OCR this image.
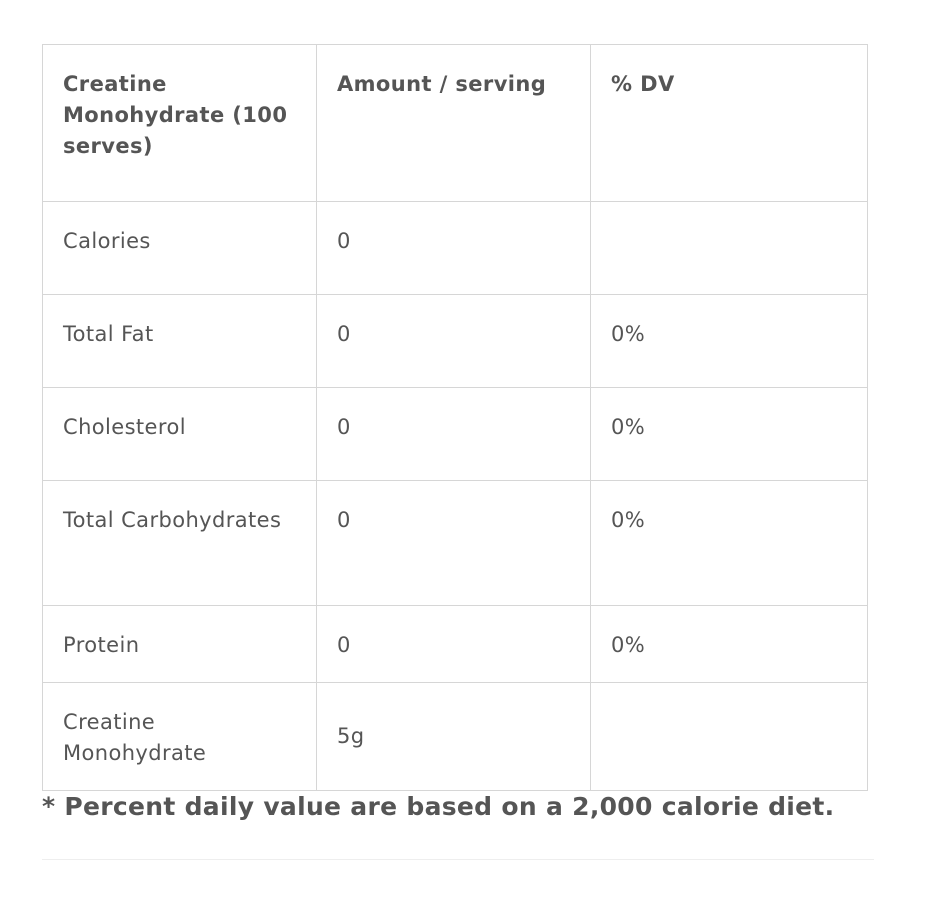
Creatine Monohydrate (100 serves)	Amount / serving	% DV
Calories	0	
Total Fat	0	0%
Cholesterol	0	0%
Total Carbohydrates	0	0%
Protein	0	0%
Creatine Monohydrate	5g	
* Percent daily value are based on a 2,000 calorie diet.
